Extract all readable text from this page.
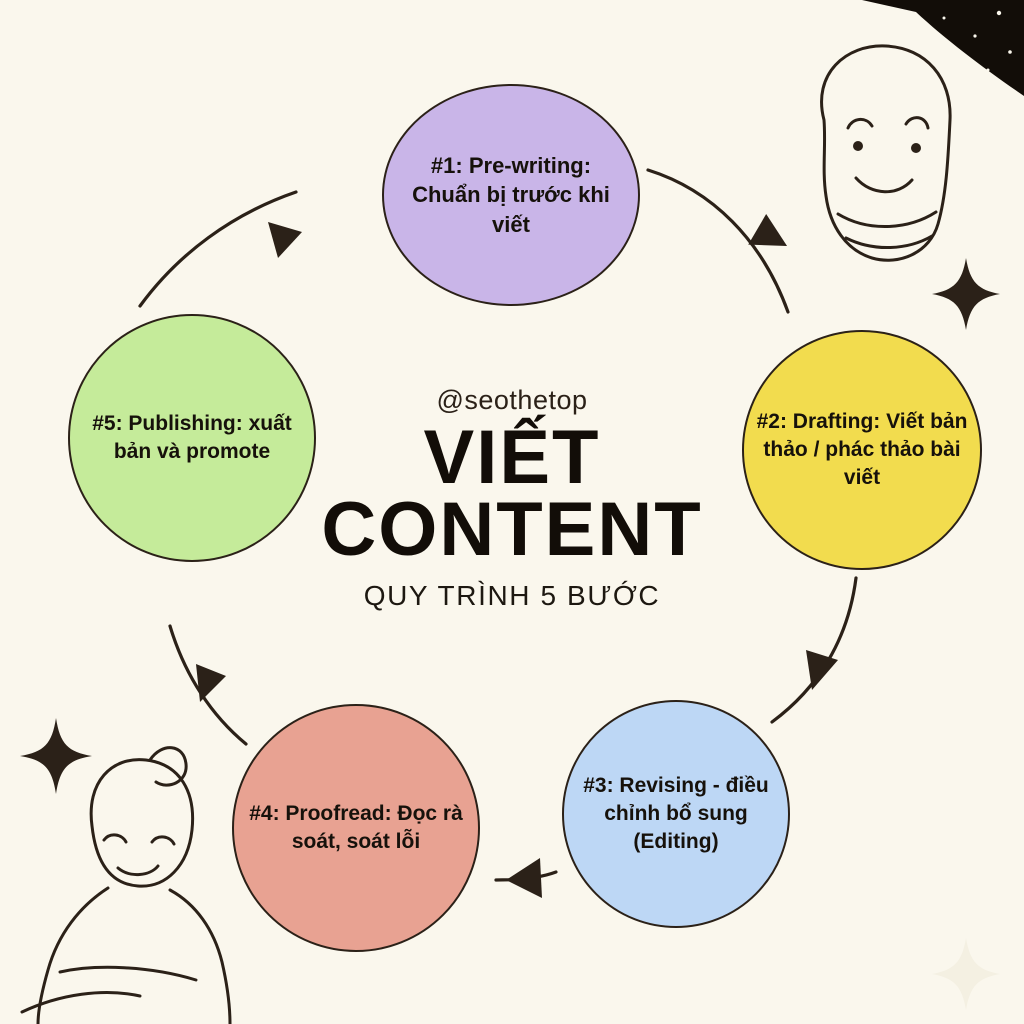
@seothetop
VIẾT
CONTENT
QUY TRÌNH 5 BƯỚC
#1: Pre-writing: Chuẩn bị trước khi viết
#2: Drafting: Viết bản thảo / phác thảo bài viết
#3: Revising - điều chỉnh bổ sung (Editing)
#4: Proofread: Đọc rà soát, soát lỗi
#5: Publishing: xuất bản và promote
